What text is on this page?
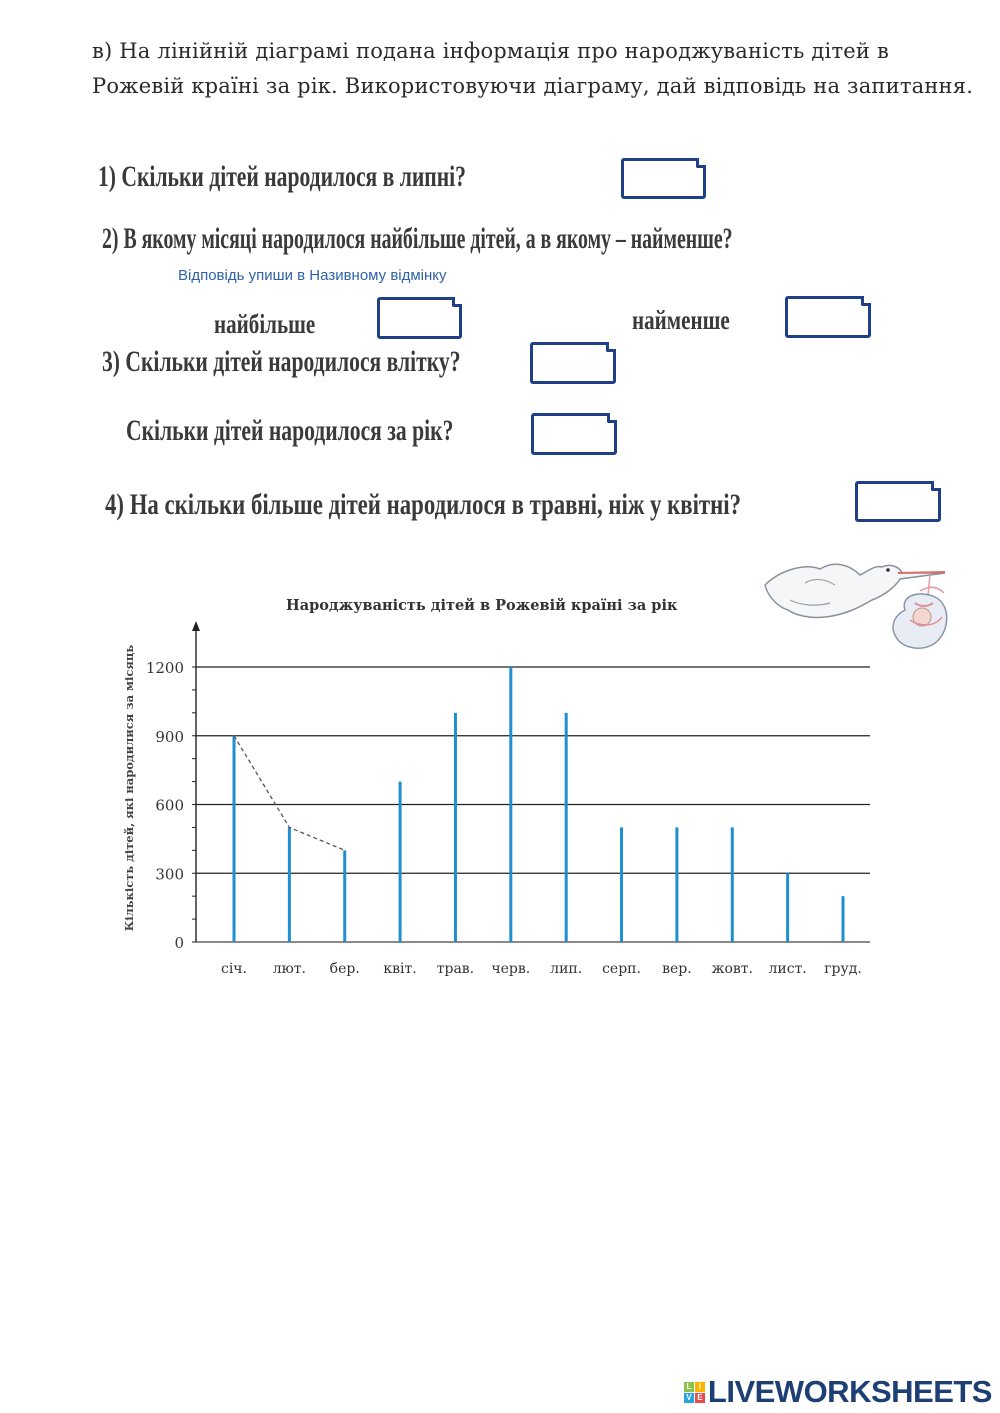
в) На лінійній діаграмі подана інформація про народжуваність дітей в Рожевій країні за рік. Використовуючи діаграму, дай відповідь на запитання.
1) Скільки дітей народилося в липні?
2) В якому місяці народилося найбільше дітей, а в якому – найменше?
Відповідь упиши в Називному відмінку
найбільше	найменше
3) Скільки дітей народилося влітку?
Скільки дітей народилося за рік?
4) На скільки більше дітей народилося в травні, ніж у квітні?
Народжуваність дітей в Рожевій країні за рік
Кількість дітей, які народилися за місяць
0
300
600
900
1200
січ. лют. бер. квіт. трав. черв. лип. серп. вер. жовт. лист. груд.
L I
V E LIVEWORKSHEETS
